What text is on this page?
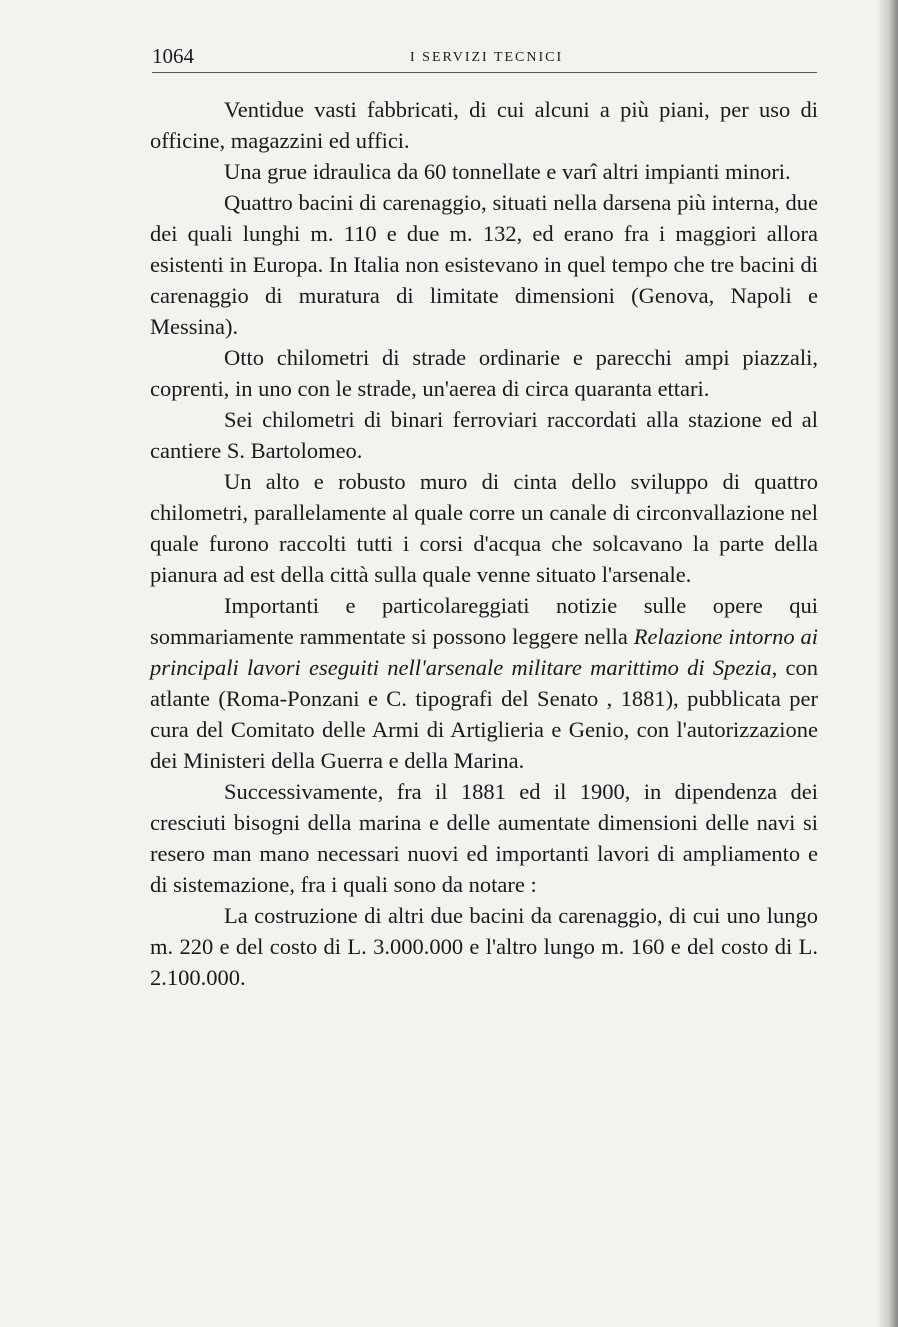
1064	I SERVIZI TECNICI

Ventidue vasti fabbricati, di cui alcuni a più piani, per uso di officine, magazzini ed uffici.

Una grue idraulica da 60 tonnellate e varî altri impianti minori.

Quattro bacini di carenaggio, situati nella darsena più interna, due dei quali lunghi m. 110 e due m. 132, ed erano fra i maggiori allora esistenti in Europa. In Italia non esistevano in quel tempo che tre bacini di carenaggio di muratura di limitate dimensioni (Genova, Napoli e Messina).

Otto chilometri di strade ordinarie e parecchi ampi piazzali, coprenti, in uno con le strade, un'aerea di circa quaranta ettari.

Sei chilometri di binari ferroviari raccordati alla stazione ed al cantiere S. Bartolomeo.

Un alto e robusto muro di cinta dello sviluppo di quattro chilometri, parallelamente al quale corre un canale di circonvallazione nel quale furono raccolti tutti i corsi d'acqua che solcavano la parte della pianura ad est della città sulla quale venne situato l'arsenale.

Importanti e particolareggiati notizie sulle opere qui sommariamente rammentate si possono leggere nella Relazione intorno ai principali lavori eseguiti nell'arsenale militare marittimo di Spezia, con atlante (Roma-Ponzani e C. tipografi del Senato , 1881), pubblicata per cura del Comitato delle Armi di Artiglieria e Genio, con l'autorizzazione dei Ministeri della Guerra e della Marina.

Successivamente, fra il 1881 ed il 1900, in dipendenza dei cresciuti bisogni della marina e delle aumentate dimensioni delle navi si resero man mano necessari nuovi ed importanti lavori di ampliamento e di sistemazione, fra i quali sono da notare :

La costruzione di altri due bacini da carenaggio, di cui uno lungo m. 220 e del costo di L. 3.000.000 e l'altro lungo m. 160 e del costo di L. 2.100.000.
